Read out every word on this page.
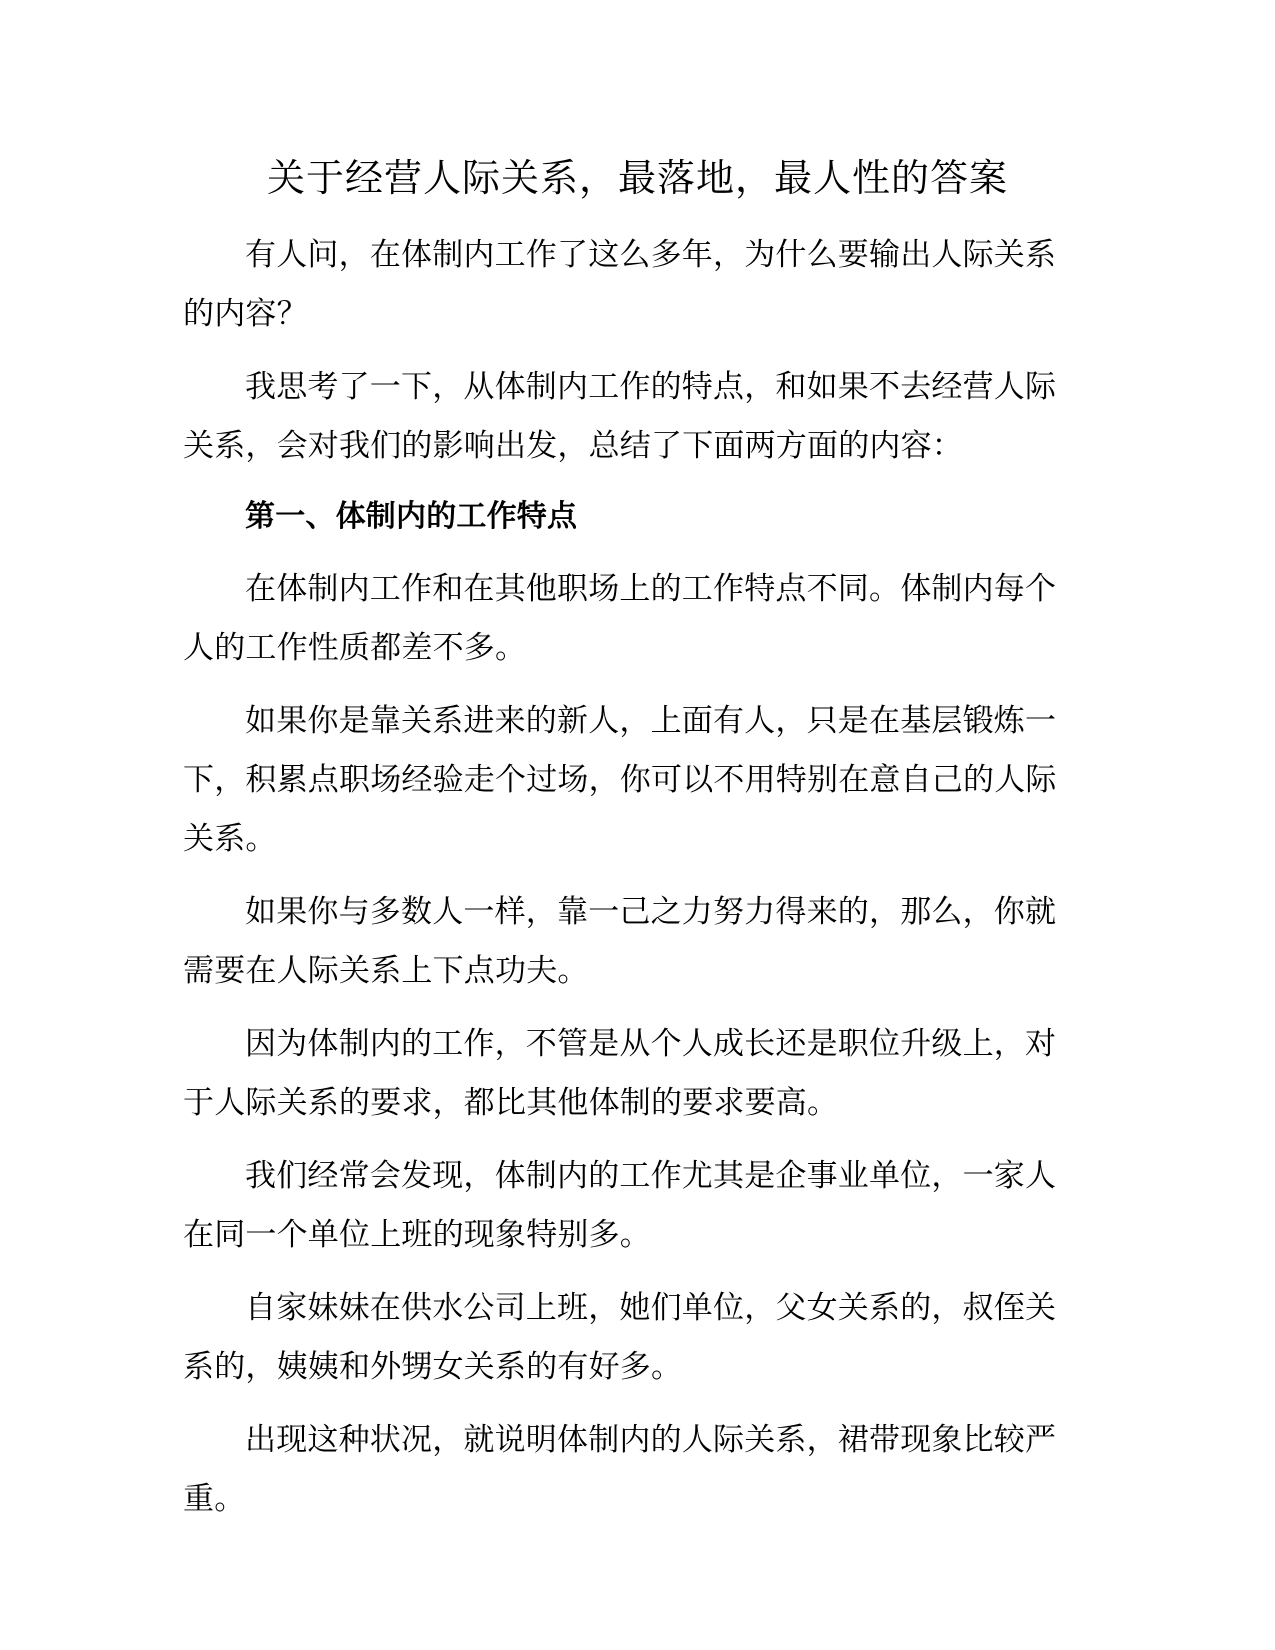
关于经营人际关系，最落地，最人性的答案

有人问，在体制内工作了这么多年，为什么要输出人际关系的内容？

我思考了一下，从体制内工作的特点，和如果不去经营人际关系，会对我们的影响出发，总结了下面两方面的内容：

第一、体制内的工作特点

在体制内工作和在其他职场上的工作特点不同。体制内每个人的工作性质都差不多。

如果你是靠关系进来的新人，上面有人，只是在基层锻炼一下，积累点职场经验走个过场，你可以不用特别在意自己的人际关系。

如果你与多数人一样，靠一己之力努力得来的，那么，你就需要在人际关系上下点功夫。

因为体制内的工作，不管是从个人成长还是职位升级上，对于人际关系的要求，都比其他体制的要求要高。

我们经常会发现，体制内的工作尤其是企事业单位，一家人在同一个单位上班的现象特别多。

自家妹妹在供水公司上班，她们单位，父女关系的，叔侄关系的，姨姨和外甥女关系的有好多。

出现这种状况，就说明体制内的人际关系，裙带现象比较严重。
